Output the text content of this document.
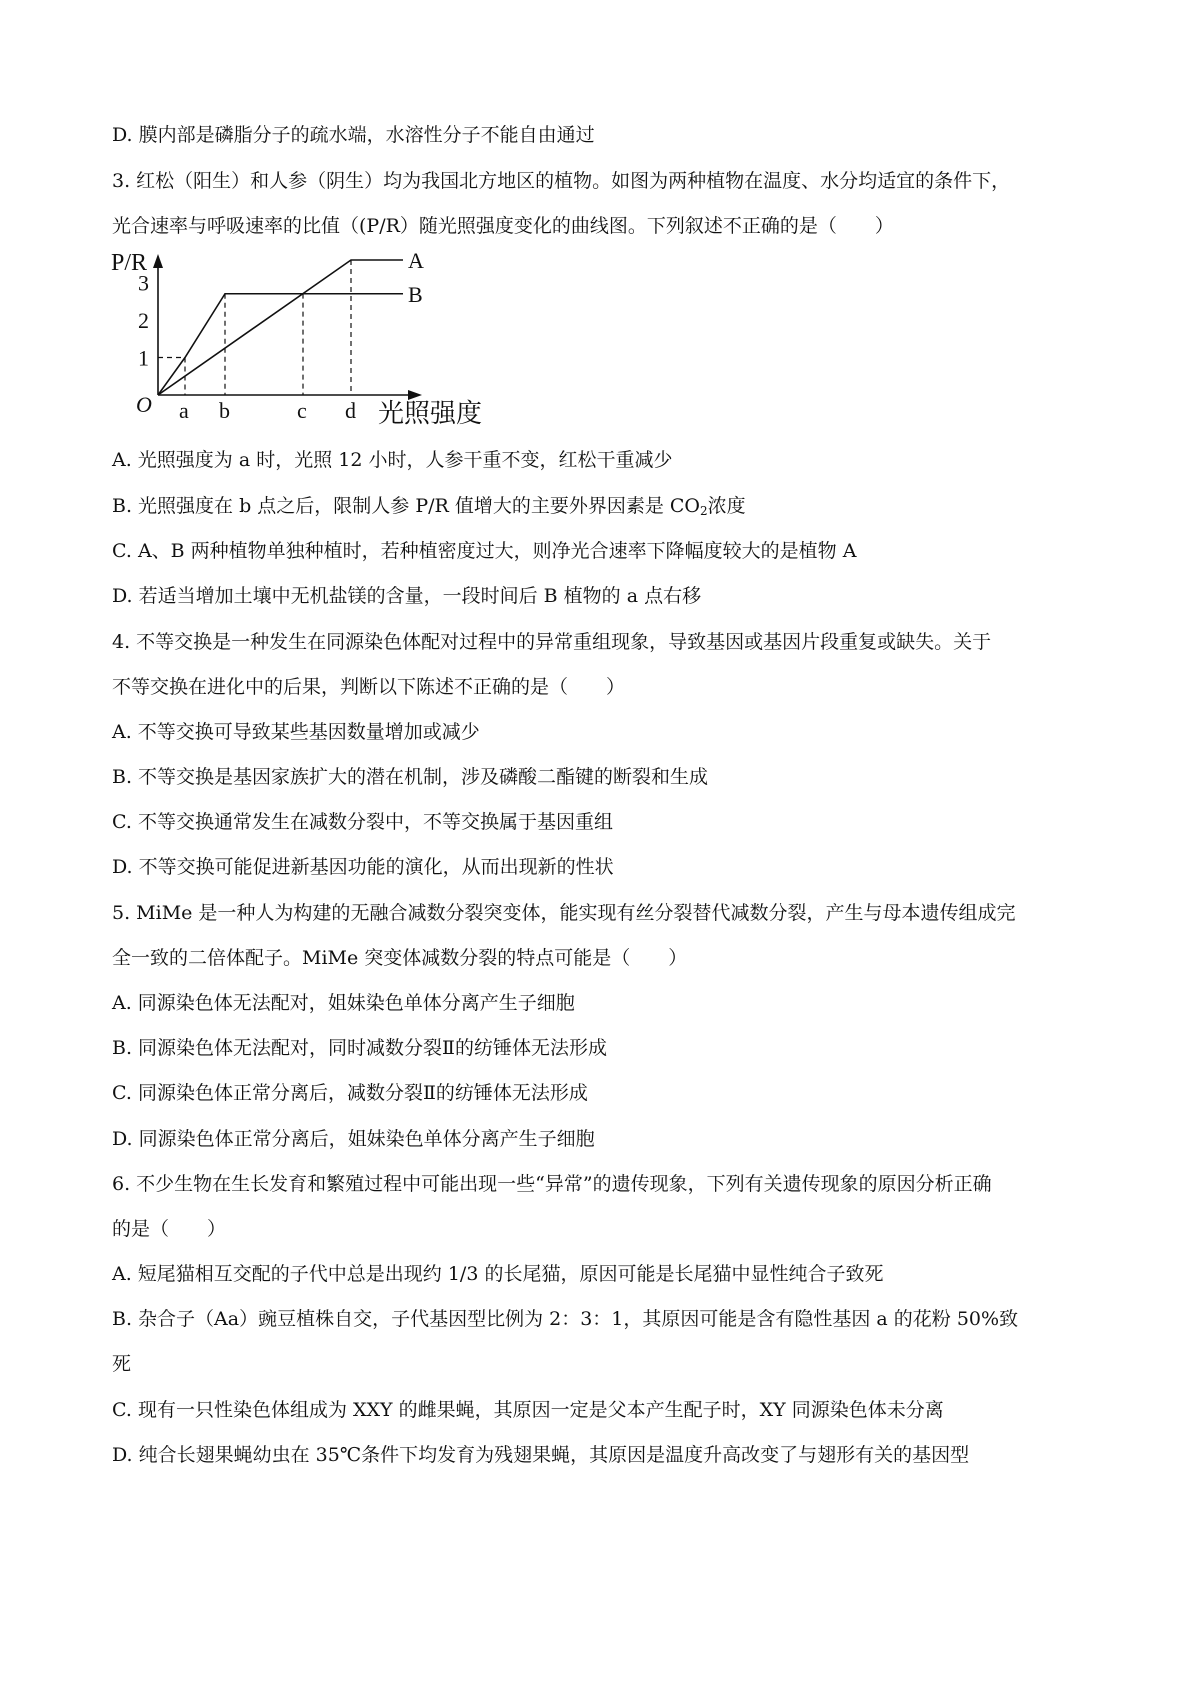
D. 膜内部是磷脂分子的疏水端，水溶性分子不能自由通过
3. 红松（阳生）和人参（阴生）均为我国北方地区的植物。如图为两种植物在温度、水分均适宜的条件下，
光合速率与呼吸速率的比值（(P/R）随光照强度变化的曲线图。下列叙述不正确的是（　　）
P/R
光照强度
O
1
2
3
A
B
a b	c d
A. 光照强度为 a 时，光照 12 小时，人参干重不变，红松干重减少
B. 光照强度在 b 点之后，限制人参 P/R 值增大的主要外界因素是 $CO_2$浓度
C. A、B 两种植物单独种植时，若种植密度过大，则净光合速率下降幅度较大的是植物 A
D. 若适当增加土壤中无机盐镁的含量，一段时间后 B 植物的 a 点右移
4. 不等交换是一种发生在同源染色体配对过程中的异常重组现象，导致基因或基因片段重复或缺失。关于
不等交换在进化中的后果，判断以下陈述不正确的是（　　）
A. 不等交换可导致某些基因数量增加或减少
B. 不等交换是基因家族扩大的潜在机制，涉及磷酸二酯键的断裂和生成
C. 不等交换通常发生在减数分裂中，不等交换属于基因重组
D. 不等交换可能促进新基因功能的演化，从而出现新的性状
5. MiMe 是一种人为构建的无融合减数分裂突变体，能实现有丝分裂替代减数分裂，产生与母本遗传组成完
全一致的二倍体配子。MiMe 突变体减数分裂的特点可能是（　　）
A. 同源染色体无法配对，姐妹染色单体分离产生子细胞
B. 同源染色体无法配对，同时减数分裂Ⅱ的纺锤体无法形成
C. 同源染色体正常分离后，减数分裂Ⅱ的纺锤体无法形成
D. 同源染色体正常分离后，姐妹染色单体分离产生子细胞
6. 不少生物在生长发育和繁殖过程中可能出现一些“异常”的遗传现象，下列有关遗传现象的原因分析正确
的是（　　）
A. 短尾猫相互交配的子代中总是出现约 1/3 的长尾猫，原因可能是长尾猫中显性纯合子致死
B. 杂合子（Aa）豌豆植株自交，子代基因型比例为 2：3：1，其原因可能是含有隐性基因 a 的花粉 50%致
死
C. 现有一只性染色体组成为 XXY 的雌果蝇，其原因一定是父本产生配子时，XY 同源染色体未分离
D. 纯合长翅果蝇幼虫在 35℃条件下均发育为残翅果蝇，其原因是温度升高改变了与翅形有关的基因型
